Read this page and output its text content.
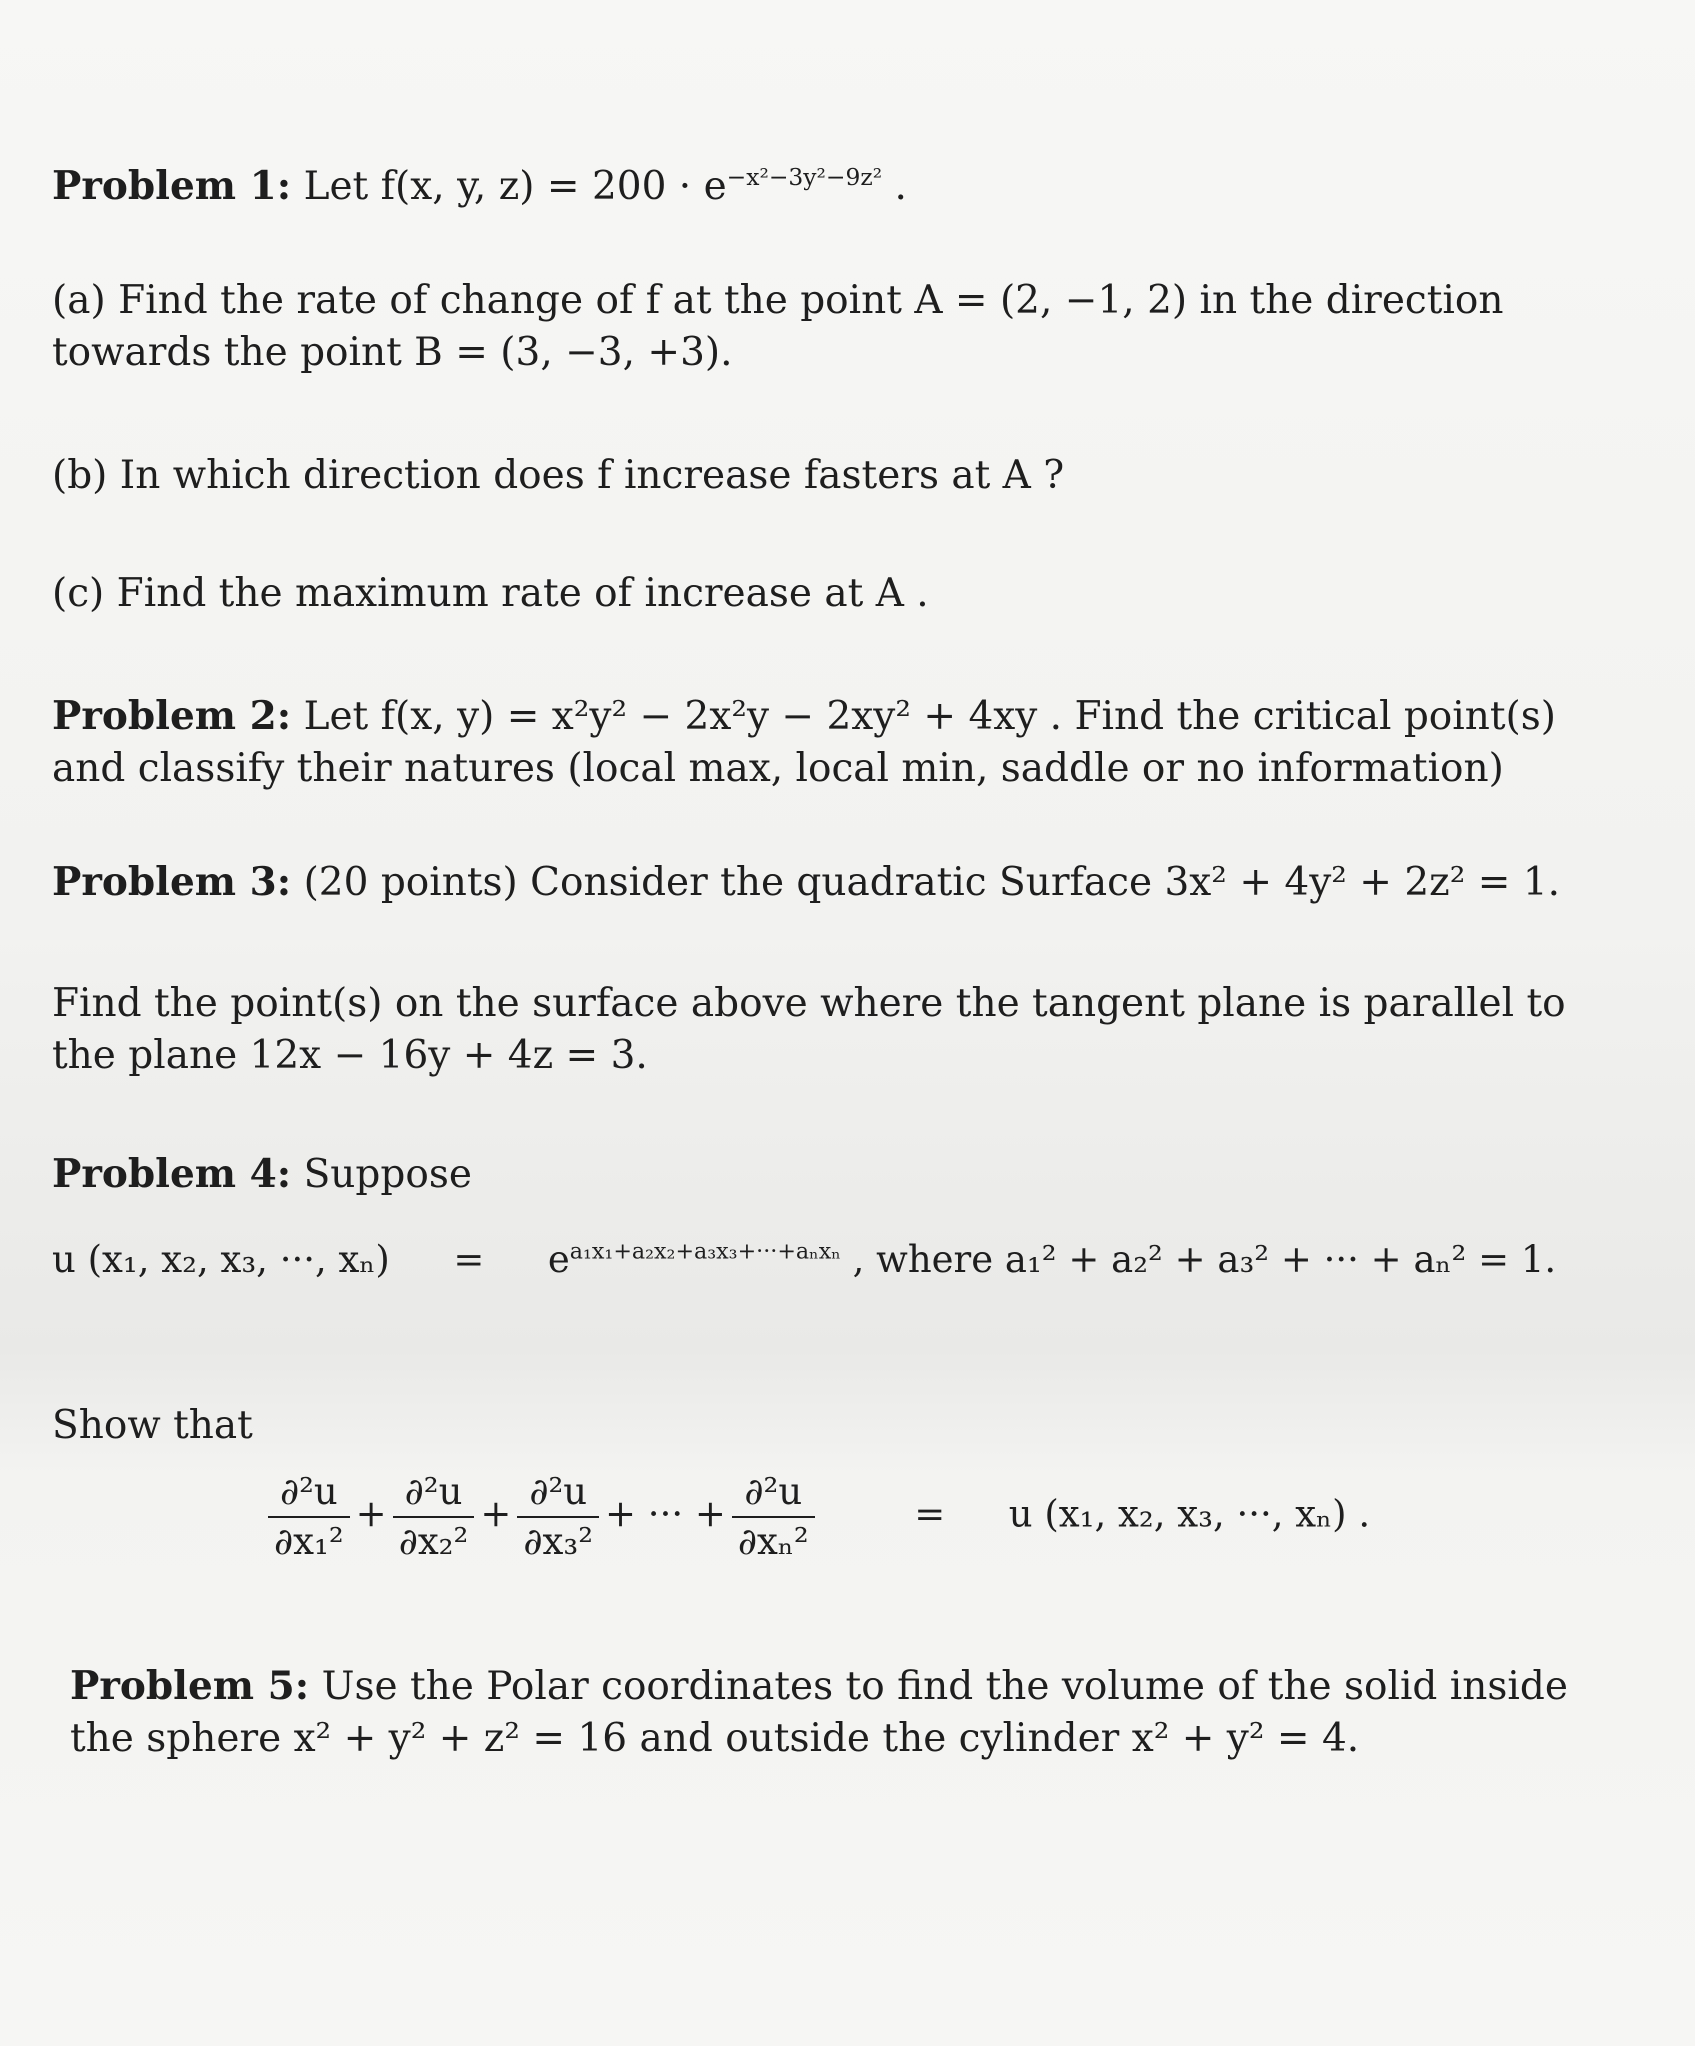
Problem 1: Let f(x, y, $z) = 200 \cdot e^{-x^2-3y^2-9z^2}$ .
(a) Find the rate of change of f at the point A = (2, −1, 2) in the direction
towards the point B = (3, −3, +3).
(b) In which direction does f increase fasters at A ?
(c) Find the maximum rate of increase at A .
Problem 2: Let f(x, y) = x²y² − 2x²y − 2xy² + 4xy . Find the critical point(s)
and classify their natures (local max, local min, saddle or no information)
Problem 3: (20 points) Consider the quadratic Surface 3x² + 4y² + 2z² = 1.
Find the point(s) on the surface above where the tangent plane is parallel to
the plane 12x − 16y + 4z = 3.
Problem 4: Suppose
u (x₁, x₂, x₃, ···, $x_n) = e^{a_1x_1+a_2x_2+a_3x_3+\cdot\cdot\cdot+a_nx_n}$ , where a₁² + a₂² + a₃² + ··· + aₙ² = 1.
Show that
$\frac{\text{∂²u}}{\text{∂x₁²}} + \frac{\text{∂²u}}{\text{∂x₂²}} + \frac{\text{∂²u}}{\text{∂x₃²}}$ + ··· + $\frac{\text{∂²u}}{\text{∂xₙ²}}$	= u (x₁, x₂, x₃, ···, xₙ) .
Problem 5: Use the Polar coordinates to find the volume of the solid inside
the sphere x² + y² + z² = 16 and outside the cylinder x² + y² = 4.
